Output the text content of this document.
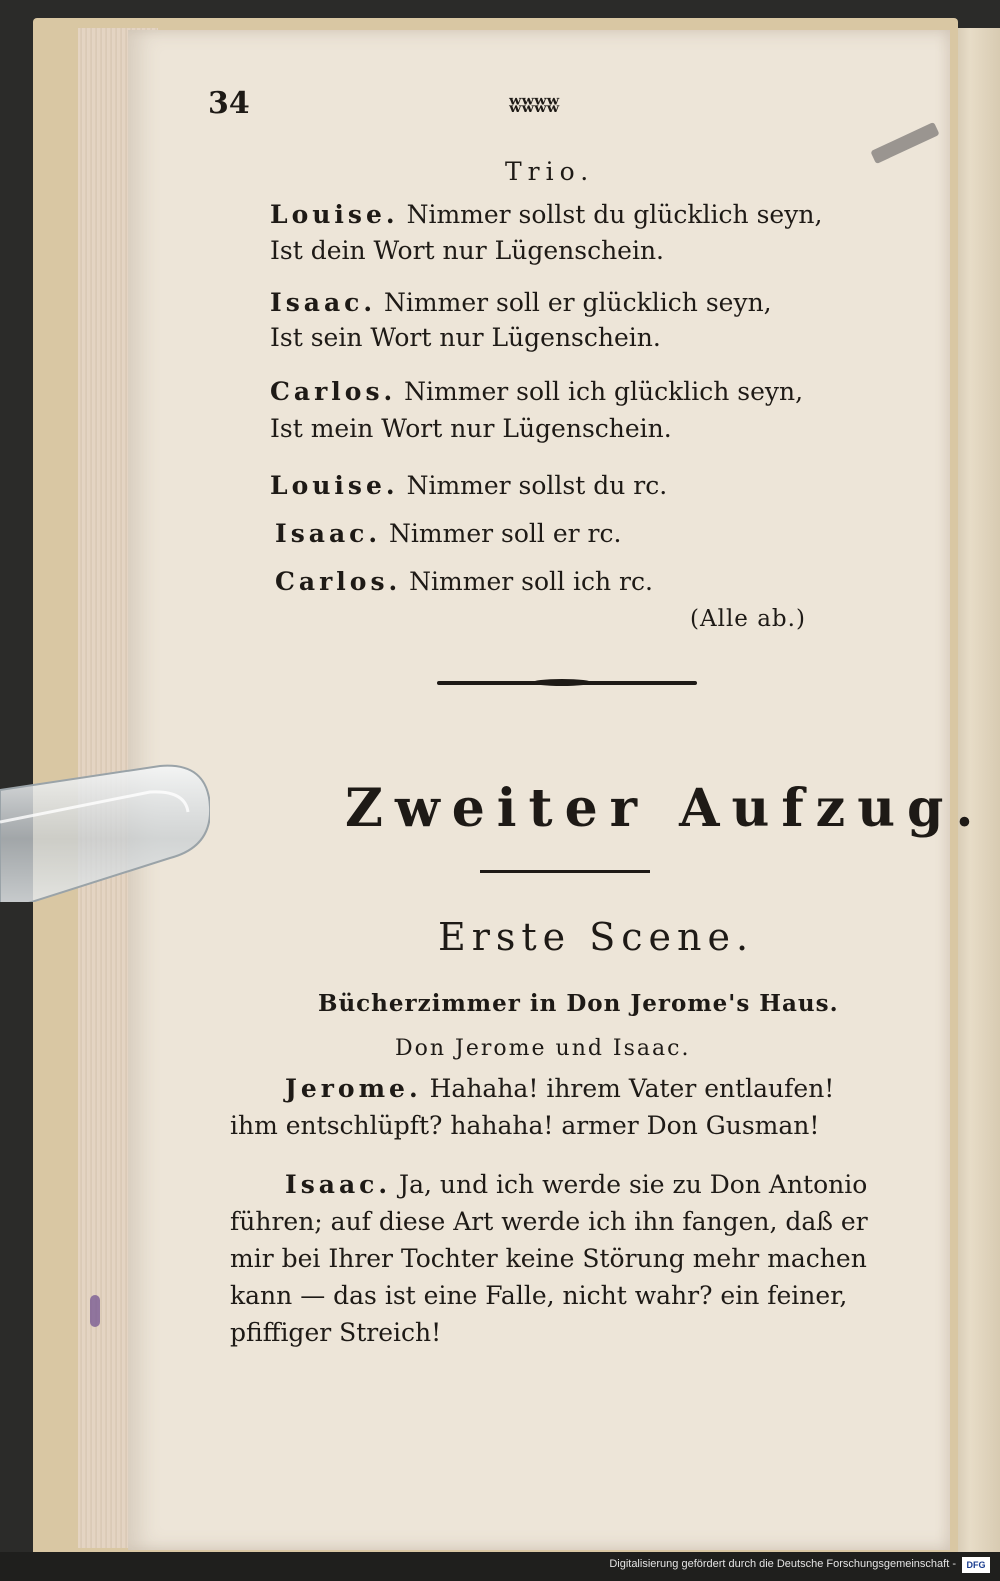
34	ʬʬʬʬ
Trio.
Louise. Nimmer sollst du glücklich seyn,
Ist dein Wort nur Lügenschein.
Isaac. Nimmer soll er glücklich seyn,
Ist sein Wort nur Lügenschein.
Carlos. Nimmer soll ich glücklich seyn,
Ist mein Wort nur Lügenschein.
Louise. Nimmer sollst du rc.
Isaac. Nimmer soll er rc.
Carlos. Nimmer soll ich rc.
(Alle ab.)
Zweiter Aufzug.
Erste Scene.
Bücherzimmer in Don Jerome's Haus.
Don Jerome und Isaac.
Jerome. Hahaha! ihrem Vater entlaufen!
ihm entschlüpft? hahaha! armer Don Gusman!
Isaac. Ja, und ich werde sie zu Don Antonio
führen; auf diese Art werde ich ihn fangen, daß er
mir bei Ihrer Tochter keine Störung mehr machen
kann — das ist eine Falle, nicht wahr? ein feiner,
pfiffiger Streich!
Digitalisierung gefördert durch die Deutsche Forschungsgemeinschaft -	DFG
